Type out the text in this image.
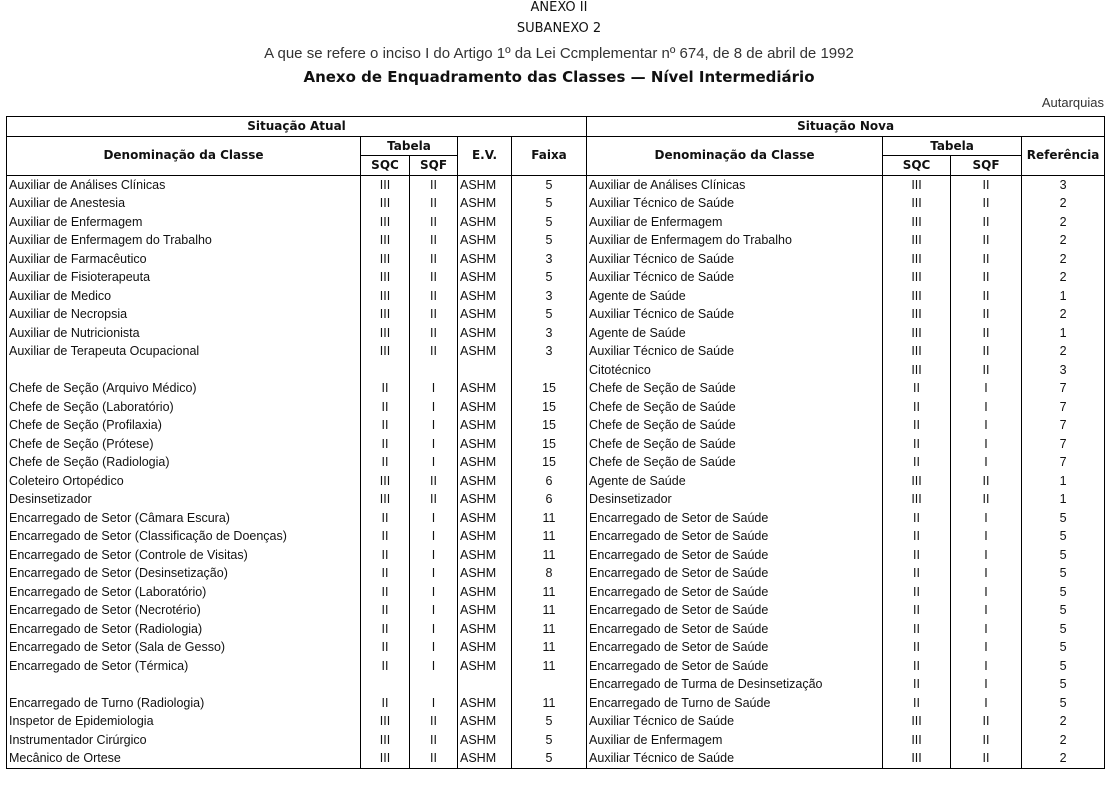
ANEXO II
SUBANEXO 2
A que se refere o inciso I do Artigo 1º da Lei Ccmplementar nº 674, de 8 de abril de 1992
Anexo de Enquadramento das Classes — Nível Intermediário
Autarquias
Situação Atual					Situação Nova			
Denominação da Classe	Tabela		E.V.	Faixa	Denominação da Classe	Tabela		Referência
	SQC	SQF				SQC	SQF	
Auxiliar de Análises Clínicas	III	II	ASHM	5	Auxiliar de Análises Clínicas	III	II	3
Auxiliar de Anestesia	III	II	ASHM	5	Auxiliar Técnico de Saúde	III	II	2
Auxiliar de Enfermagem	III	II	ASHM	5	Auxiliar de Enfermagem	III	II	2
Auxiliar de Enfermagem do Trabalho	III	II	ASHM	5	Auxiliar de Enfermagem do Trabalho	III	II	2
Auxiliar de Farmacêutico	III	II	ASHM	3	Auxiliar Técnico de Saúde	III	II	2
Auxiliar de Fisioterapeuta	III	II	ASHM	5	Auxiliar Técnico de Saúde	III	II	2
Auxiliar de Medico	III	II	ASHM	3	Agente de Saúde	III	II	1
Auxiliar de Necropsia	III	II	ASHM	5	Auxiliar Técnico de Saúde	III	II	2
Auxiliar de Nutricionista	III	II	ASHM	3	Agente de Saúde	III	II	1
Auxiliar de Terapeuta Ocupacional	III	II	ASHM	3	Auxiliar Técnico de Saúde	III	II	2
					Citotécnico	III	II	3
Chefe de Seção (Arquivo Médico)	II	I	ASHM	15	Chefe de Seção de Saúde	II	I	7
Chefe de Seção (Laboratório)	II	I	ASHM	15	Chefe de Seção de Saúde	II	I	7
Chefe de Seção (Profilaxia)	II	I	ASHM	15	Chefe de Seção de Saúde	II	I	7
Chefe de Seção (Prótese)	II	I	ASHM	15	Chefe de Seção de Saúde	II	I	7
Chefe de Seção (Radiologia)	II	I	ASHM	15	Chefe de Seção de Saúde	II	I	7
Coleteiro Ortopédico	III	II	ASHM	6	Agente de Saúde	III	II	1
Desinsetizador	III	II	ASHM	6	Desinsetizador	III	II	1
Encarregado de Setor (Câmara Escura)	II	I	ASHM	11	Encarregado de Setor de Saúde	II	I	5
Encarregado de Setor (Classificação de Doenças)	II	I	ASHM	11	Encarregado de Setor de Saúde	II	I	5
Encarregado de Setor (Controle de Visitas)	II	I	ASHM	11	Encarregado de Setor de Saúde	II	I	5
Encarregado de Setor (Desinsetização)	II	I	ASHM	8	Encarregado de Setor de Saúde	II	I	5
Encarregado de Setor (Laboratório)	II	I	ASHM	11	Encarregado de Setor de Saúde	II	I	5
Encarregado de Setor (Necrotério)	II	I	ASHM	11	Encarregado de Setor de Saúde	II	I	5
Encarregado de Setor (Radiologia)	II	I	ASHM	11	Encarregado de Setor de Saúde	II	I	5
Encarregado de Setor (Sala de Gesso)	II	I	ASHM	11	Encarregado de Setor de Saúde	II	I	5
Encarregado de Setor (Térmica)	II	I	ASHM	11	Encarregado de Setor de Saúde	II	I	5
					Encarregado de Turma de Desinsetização	II	I	5
Encarregado de Turno (Radiologia)	II	I	ASHM	11	Encarregado de Turno de Saúde	II	I	5
Inspetor de Epidemiologia	III	II	ASHM	5	Auxiliar Técnico de Saúde	III	II	2
Instrumentador Cirúrgico	III	II	ASHM	5	Auxiliar de Enfermagem	III	II	2
Mecânico de Ortese	III	II	ASHM	5	Auxiliar Técnico de Saúde	III	II	2
